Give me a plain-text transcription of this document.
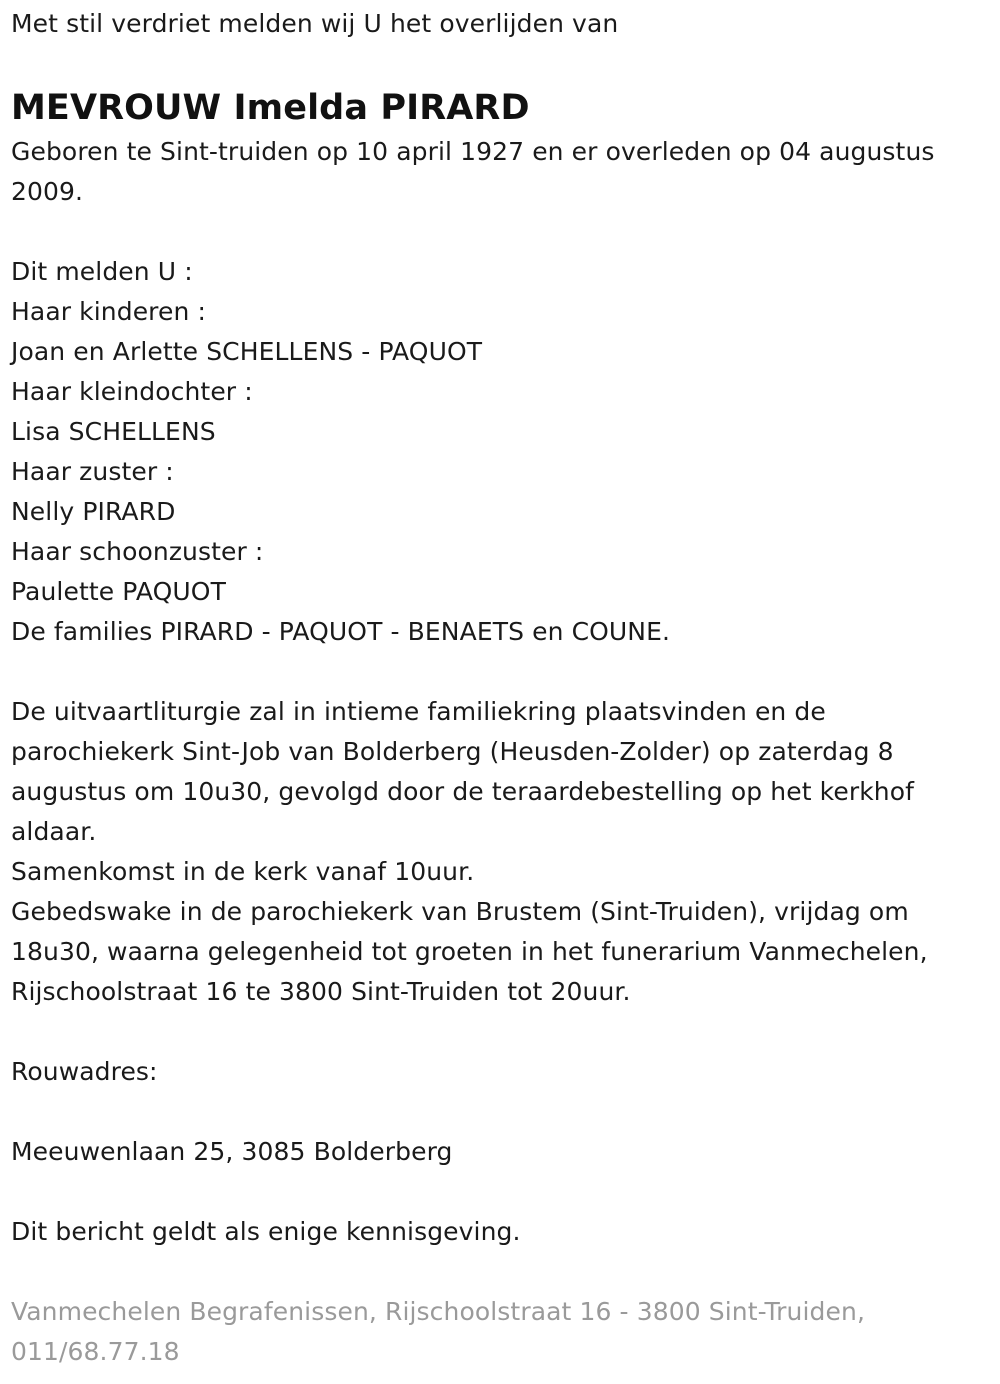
Met stil verdriet melden wij U het overlijden van
MEVROUW Imelda PIRARD
Geboren te Sint-truiden op 10 april 1927 en er overleden op 04 augustus
2009.
Dit melden U :
Haar kinderen :
Joan en Arlette SCHELLENS - PAQUOT
Haar kleindochter :
Lisa SCHELLENS
Haar zuster :
Nelly PIRARD
Haar schoonzuster :
Paulette PAQUOT
De families PIRARD - PAQUOT - BENAETS en COUNE.
De uitvaartliturgie zal in intieme familiekring plaatsvinden en de
parochiekerk Sint-Job van Bolderberg (Heusden-Zolder) op zaterdag 8
augustus om 10u30, gevolgd door de teraardebestelling op het kerkhof
aldaar.
Samenkomst in de kerk vanaf 10uur.
Gebedswake in de parochiekerk van Brustem (Sint-Truiden), vrijdag om
18u30, waarna gelegenheid tot groeten in het funerarium Vanmechelen,
Rijschoolstraat 16 te 3800 Sint-Truiden tot 20uur.
Rouwadres:
Meeuwenlaan 25, 3085 Bolderberg
Dit bericht geldt als enige kennisgeving.
Vanmechelen Begrafenissen, Rijschoolstraat 16 - 3800 Sint-Truiden,
011/68.77.18
